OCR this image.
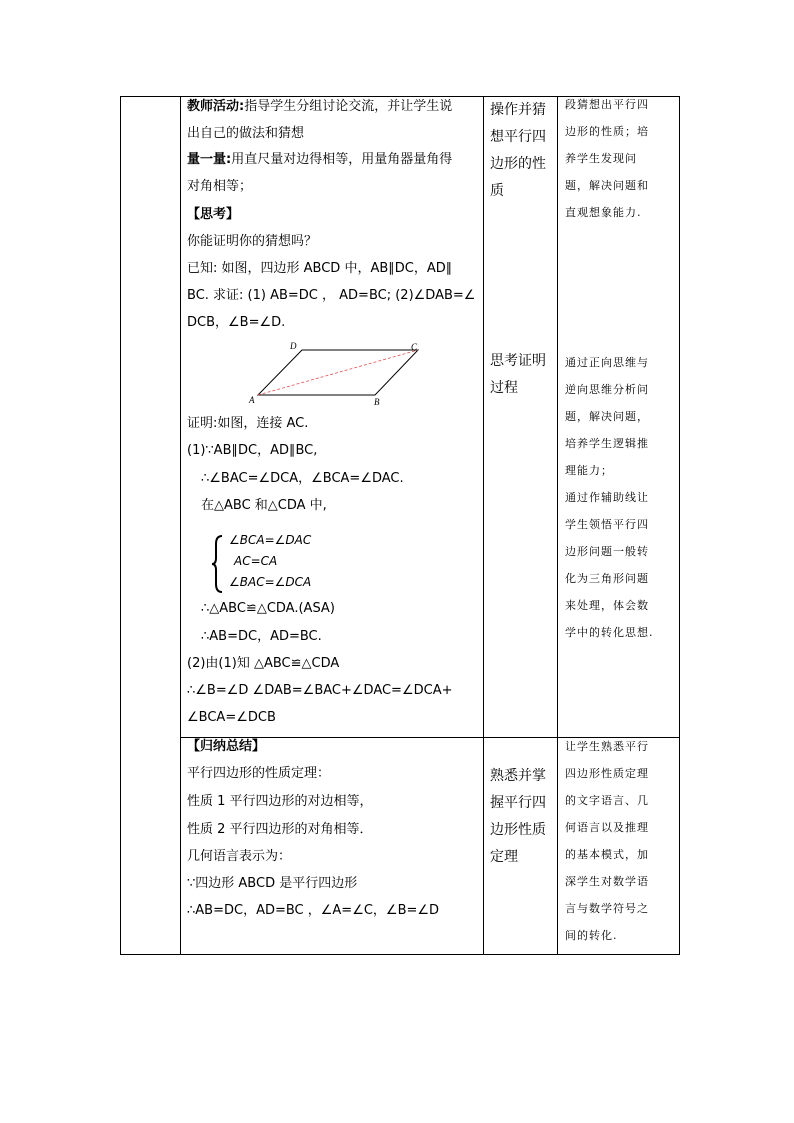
教师活动:指导学生分组讨论交流，并让学生说
出自己的做法和猜想
量一量:用直尺量对边得相等，用量角器量角得
对角相等；
【思考】
你能证明你的猜想吗？
已知: 如图，四边形 ABCD 中，AB∥DC，AD∥
BC. 求证: (1) AB=DC ， AD=BC; (2)∠DAB=∠
DCB，∠B=∠D.
A	B
C
D
证明:如图，连接 AC.
(1)∵AB∥DC，AD∥BC,
∴∠BAC=∠DCA，∠BCA=∠DAC.
在△ABC 和△CDA 中,
∠BCA=∠DAC
AC=CA
∠BAC=∠DCA
∴△ABC≌△CDA.(ASA)
∴AB=DC，AD=BC.
(2)由(1)知 △ABC≌△CDA
∴∠B=∠D ∠DAB=∠BAC+∠DAC=∠DCA+
∠BCA=∠DCB
操作并猜
想平行四
边形的性
质
思考证明
过程
段猜想出平行四
边形的性质；培
养学生发现问
题，解决问题和
直观想象能力.
通过正向思维与
逆向思维分析问
题，解决问题，
培养学生逻辑推
理能力；
通过作辅助线让
学生领悟平行四
边形问题一般转
化为三角形问题
来处理，体会数
学中的转化思想.
【归纳总结】
平行四边形的性质定理：
性质 1 平行四边形的对边相等，
性质 2 平行四边形的对角相等．
几何语言表示为：
∵四边形 ABCD 是平行四边形
∴AB=DC，AD=BC ，∠A=∠C，∠B=∠D
熟悉并掌
握平行四
边形性质
定理
让学生熟悉平行
四边形性质定理
的文字语言、几
何语言以及推理
的基本模式，加
深学生对数学语
言与数学符号之
间的转化.
